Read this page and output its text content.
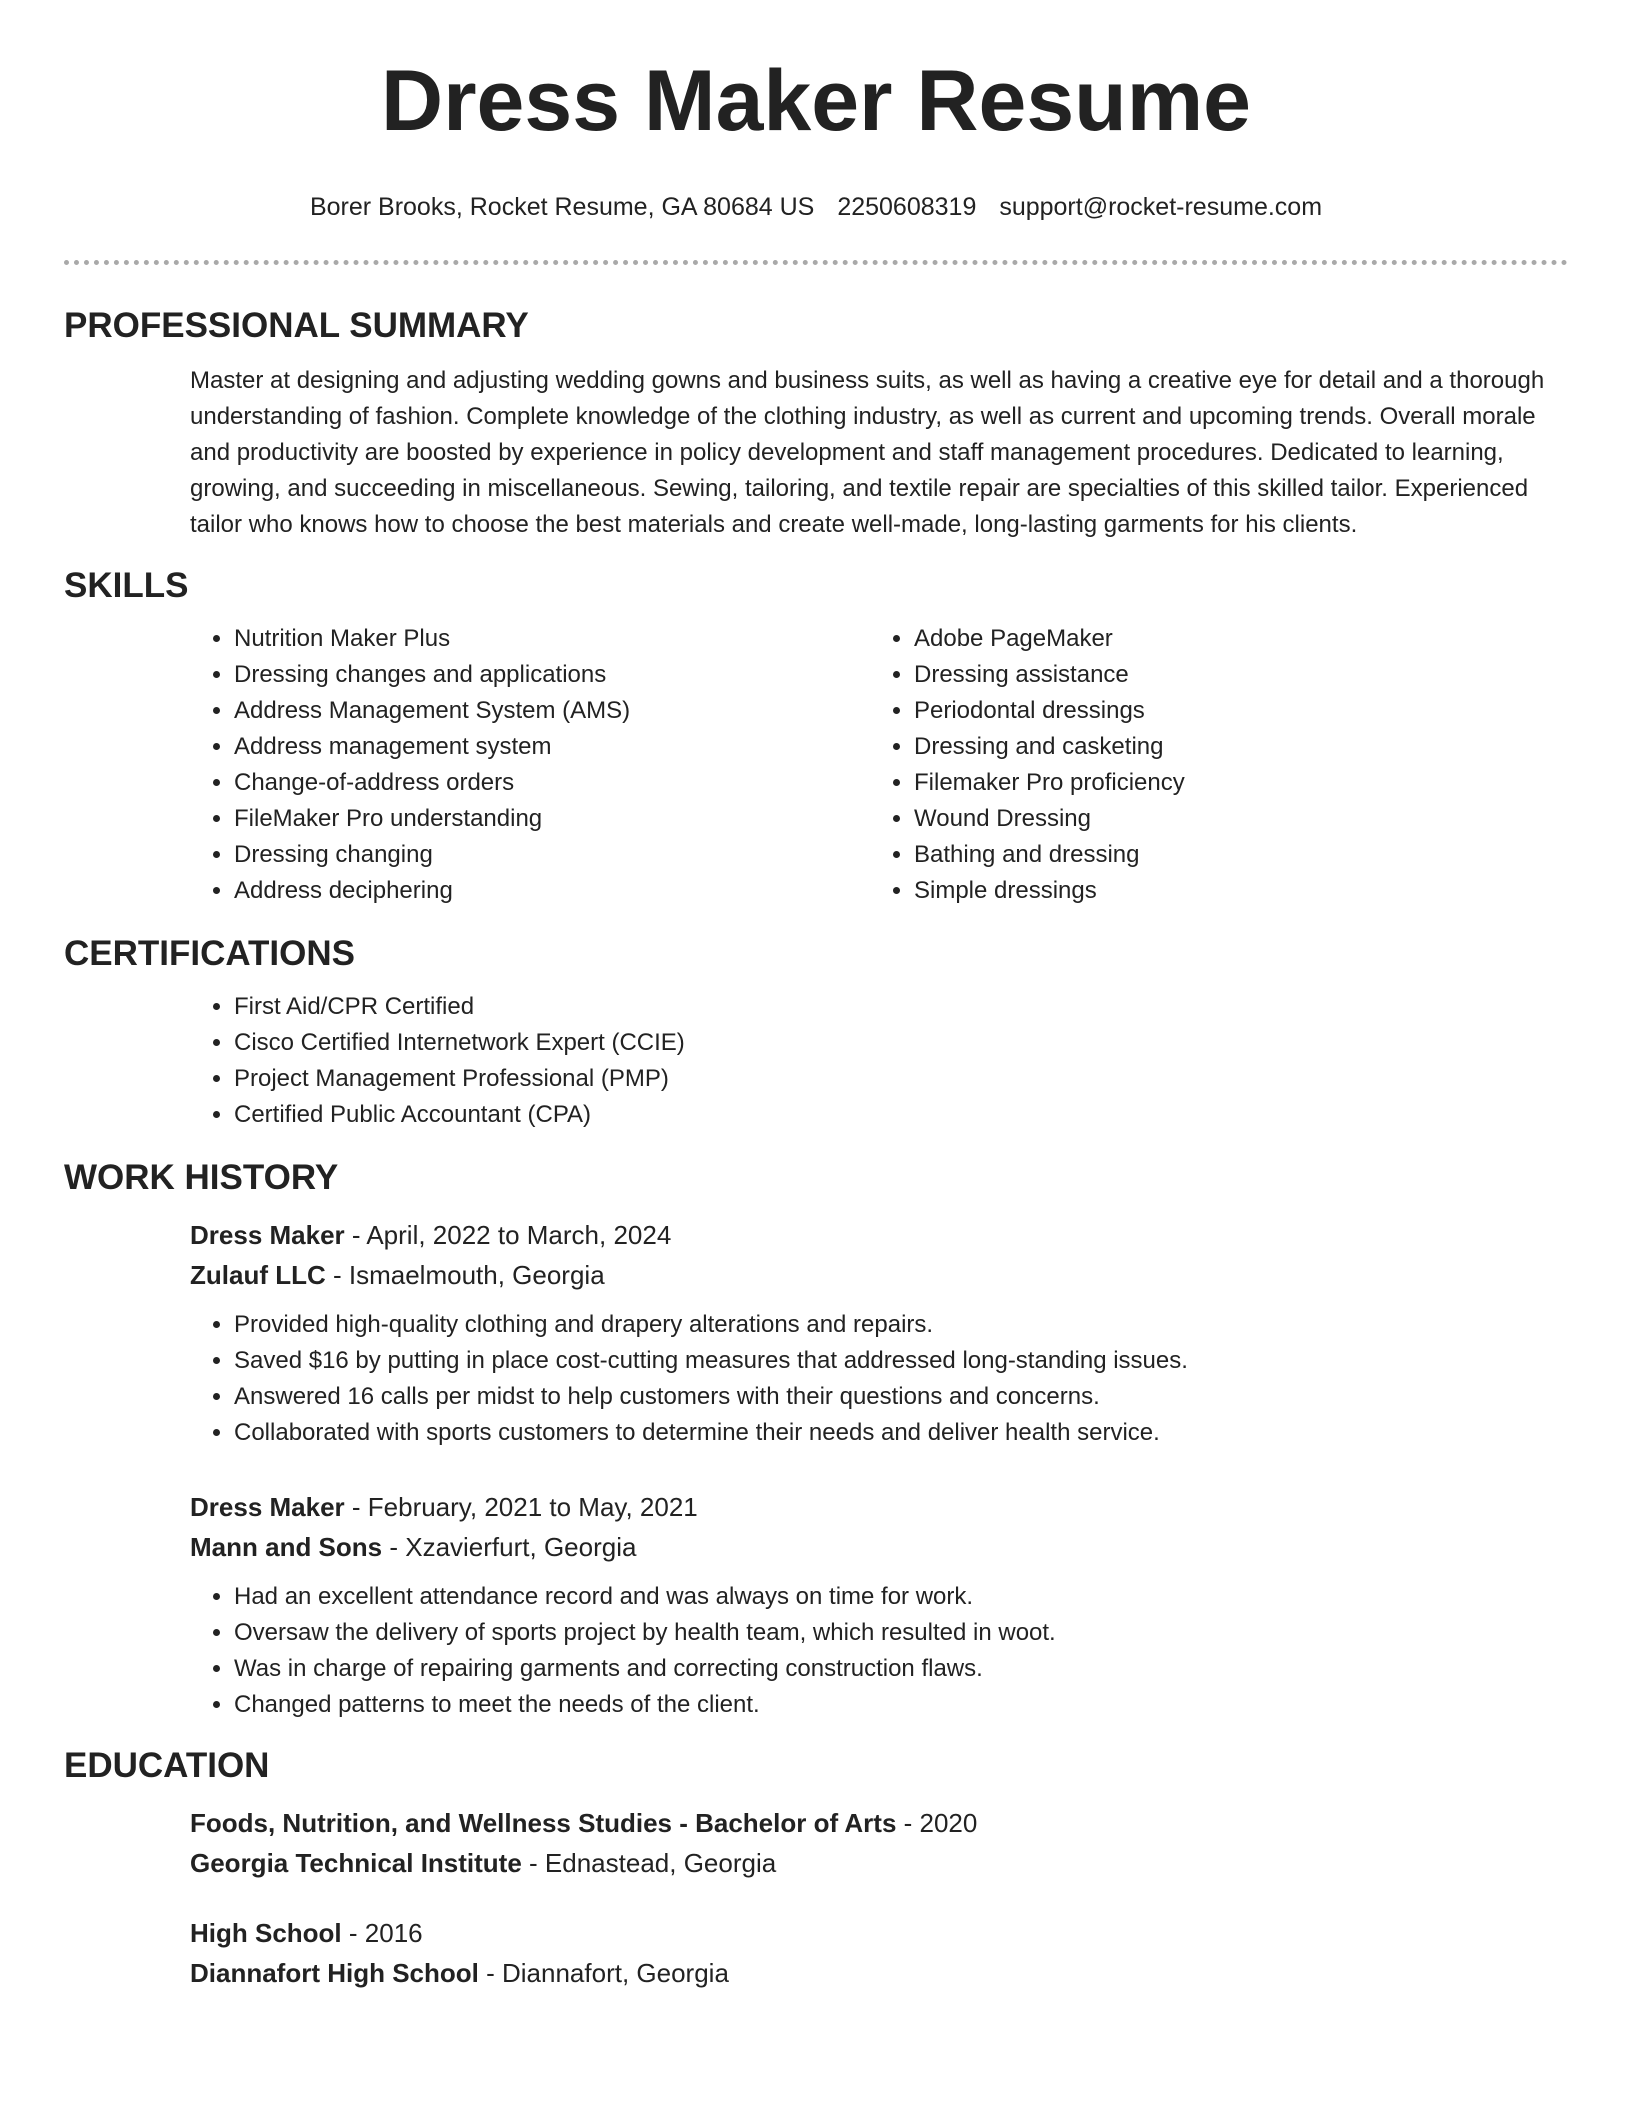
Dress Maker Resume
Borer Brooks, Rocket Resume, GA 80684 US 2250608319 support@rocket-resume.com
PROFESSIONAL SUMMARY

Master at designing and adjusting wedding gowns and business suits, as well as having a creative eye for detail and a thorough understanding of fashion. Complete knowledge of the clothing industry, as well as current and upcoming trends. Overall morale and productivity are boosted by experience in policy development and staff management procedures. Dedicated to learning, growing, and succeeding in miscellaneous. Sewing, tailoring, and textile repair are specialties of this skilled tailor. Experienced tailor who knows how to choose the best materials and create well-made, long-lasting garments for his clients.

SKILLS
• Nutrition Maker Plus
• Dressing changes and applications
• Address Management System (AMS)
• Address management system
• Change-of-address orders
• FileMaker Pro understanding
• Dressing changing
• Address deciphering
• Adobe PageMaker
• Dressing assistance
• Periodontal dressings
• Dressing and casketing
• Filemaker Pro proficiency
• Wound Dressing
• Bathing and dressing
• Simple dressings
CERTIFICATIONS
• First Aid/CPR Certified
• Cisco Certified Internetwork Expert (CCIE)
• Project Management Professional (PMP)
• Certified Public Accountant (CPA)
WORK HISTORY
Dress Maker - April, 2022 to March, 2024
Zulauf LLC - Ismaelmouth, Georgia
• Provided high-quality clothing and drapery alterations and repairs.
• Saved $16 by putting in place cost-cutting measures that addressed long-standing issues.
• Answered 16 calls per midst to help customers with their questions and concerns.
• Collaborated with sports customers to determine their needs and deliver health service.
Dress Maker - February, 2021 to May, 2021
Mann and Sons - Xzavierfurt, Georgia
• Had an excellent attendance record and was always on time for work.
• Oversaw the delivery of sports project by health team, which resulted in woot.
• Was in charge of repairing garments and correcting construction flaws.
• Changed patterns to meet the needs of the client.
EDUCATION
Foods, Nutrition, and Wellness Studies - Bachelor of Arts - 2020
Georgia Technical Institute - Ednastead, Georgia
High School - 2016
Diannafort High School - Diannafort, Georgia
